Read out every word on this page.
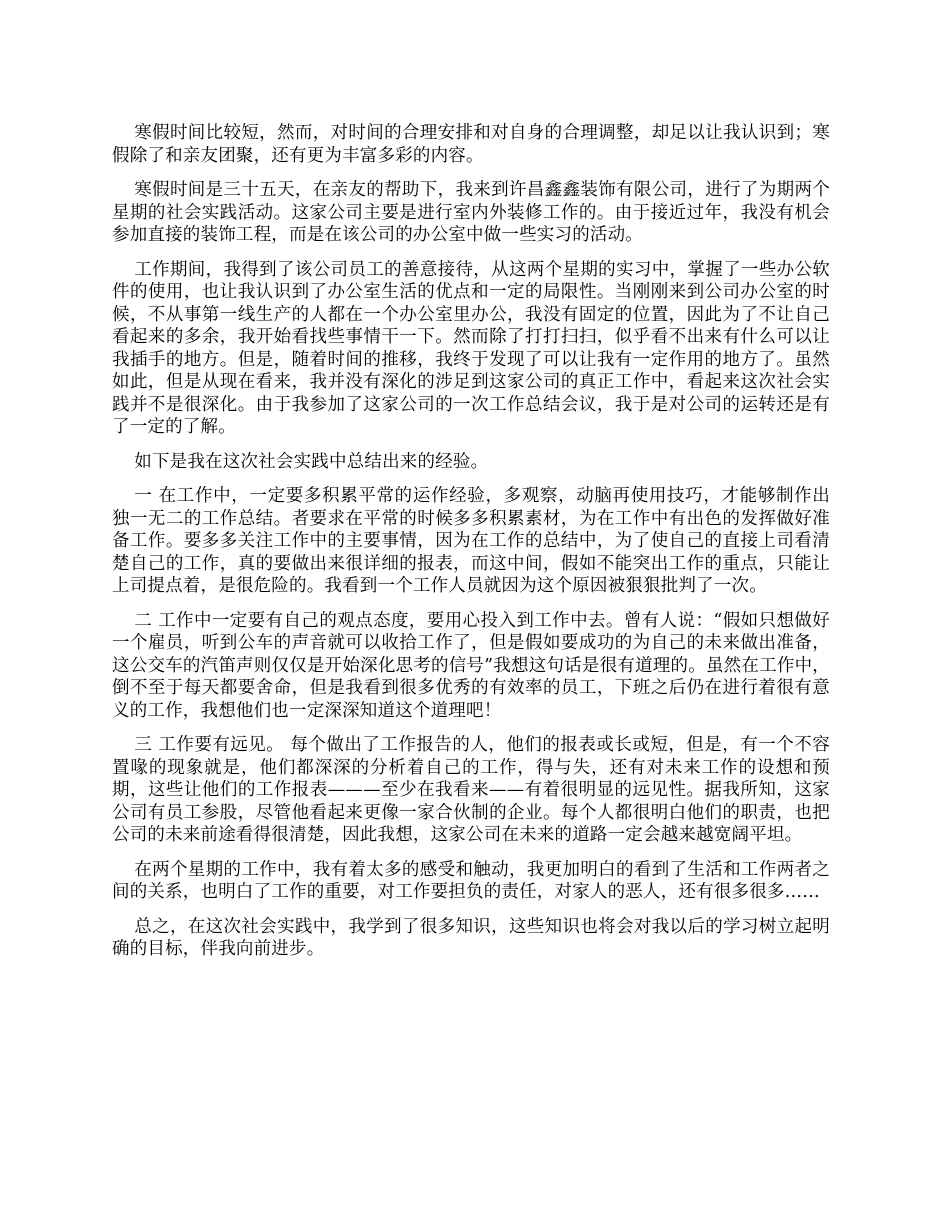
寒假时间比较短，然而，对时间的合理安排和对自身的合理调整，却足以让我认识到；寒假除了和亲友团聚，还有更为丰富多彩的内容。

寒假时间是三十五天，在亲友的帮助下，我来到许昌鑫鑫装饰有限公司，进行了为期两个星期的社会实践活动。这家公司主要是进行室内外装修工作的。由于接近过年，我没有机会参加直接的装饰工程，而是在该公司的办公室中做一些实习的活动。

工作期间，我得到了该公司员工的善意接待，从这两个星期的实习中，掌握了一些办公软件的使用，也让我认识到了办公室生活的优点和一定的局限性。当刚刚来到公司办公室的时候，不从事第一线生产的人都在一个办公室里办公，我没有固定的位置，因此为了不让自己看起来的多余，我开始看找些事情干一下。然而除了打打扫扫，似乎看不出来有什么可以让我插手的地方。但是，随着时间的推移，我终于发现了可以让我有一定作用的地方了。虽然如此，但是从现在看来，我并没有深化的涉足到这家公司的真正工作中，看起来这次社会实践并不是很深化。由于我参加了这家公司的一次工作总结会议，我于是对公司的运转还是有了一定的了解。

如下是我在这次社会实践中总结出来的经验。

一 在工作中，一定要多积累平常的运作经验，多观察，动脑再使用技巧，才能够制作出独一无二的工作总结。者要求在平常的时候多多积累素材，为在工作中有出色的发挥做好准备工作。要多多关注工作中的主要事情，因为在工作的总结中，为了使自己的直接上司看清楚自己的工作，真的要做出来很详细的报表，而这中间，假如不能突出工作的重点，只能让上司提点着，是很危险的。我看到一个工作人员就因为这个原因被狠狠批判了一次。

二 工作中一定要有自己的观点态度，要用心投入到工作中去。曾有人说：“假如只想做好一个雇员，听到公车的声音就可以收拾工作了，但是假如要成功的为自己的未来做出准备，这公交车的汽笛声则仅仅是开始深化思考的信号”我想这句话是很有道理的。虽然在工作中，倒不至于每天都要舍命，但是我看到很多优秀的有效率的员工，下班之后仍在进行着很有意义的工作，我想他们也一定深深知道这个道理吧！

三 工作要有远见。 每个做出了工作报告的人，他们的报表或长或短，但是，有一个不容置喙的现象就是，他们都深深的分析着自己的工作，得与失，还有对未来工作的设想和预期，这些让他们的工作报表———至少在我看来——有着很明显的远见性。据我所知，这家公司有员工参股，尽管他看起来更像一家合伙制的企业。每个人都很明白他们的职责，也把公司的未来前途看得很清楚，因此我想，这家公司在未来的道路一定会越来越宽阔平坦。

在两个星期的工作中，我有着太多的感受和触动，我更加明白的看到了生活和工作两者之间的关系，也明白了工作的重要，对工作要担负的责任，对家人的恶人，还有很多很多……

总之，在这次社会实践中，我学到了很多知识，这些知识也将会对我以后的学习树立起明确的目标，伴我向前进步。
